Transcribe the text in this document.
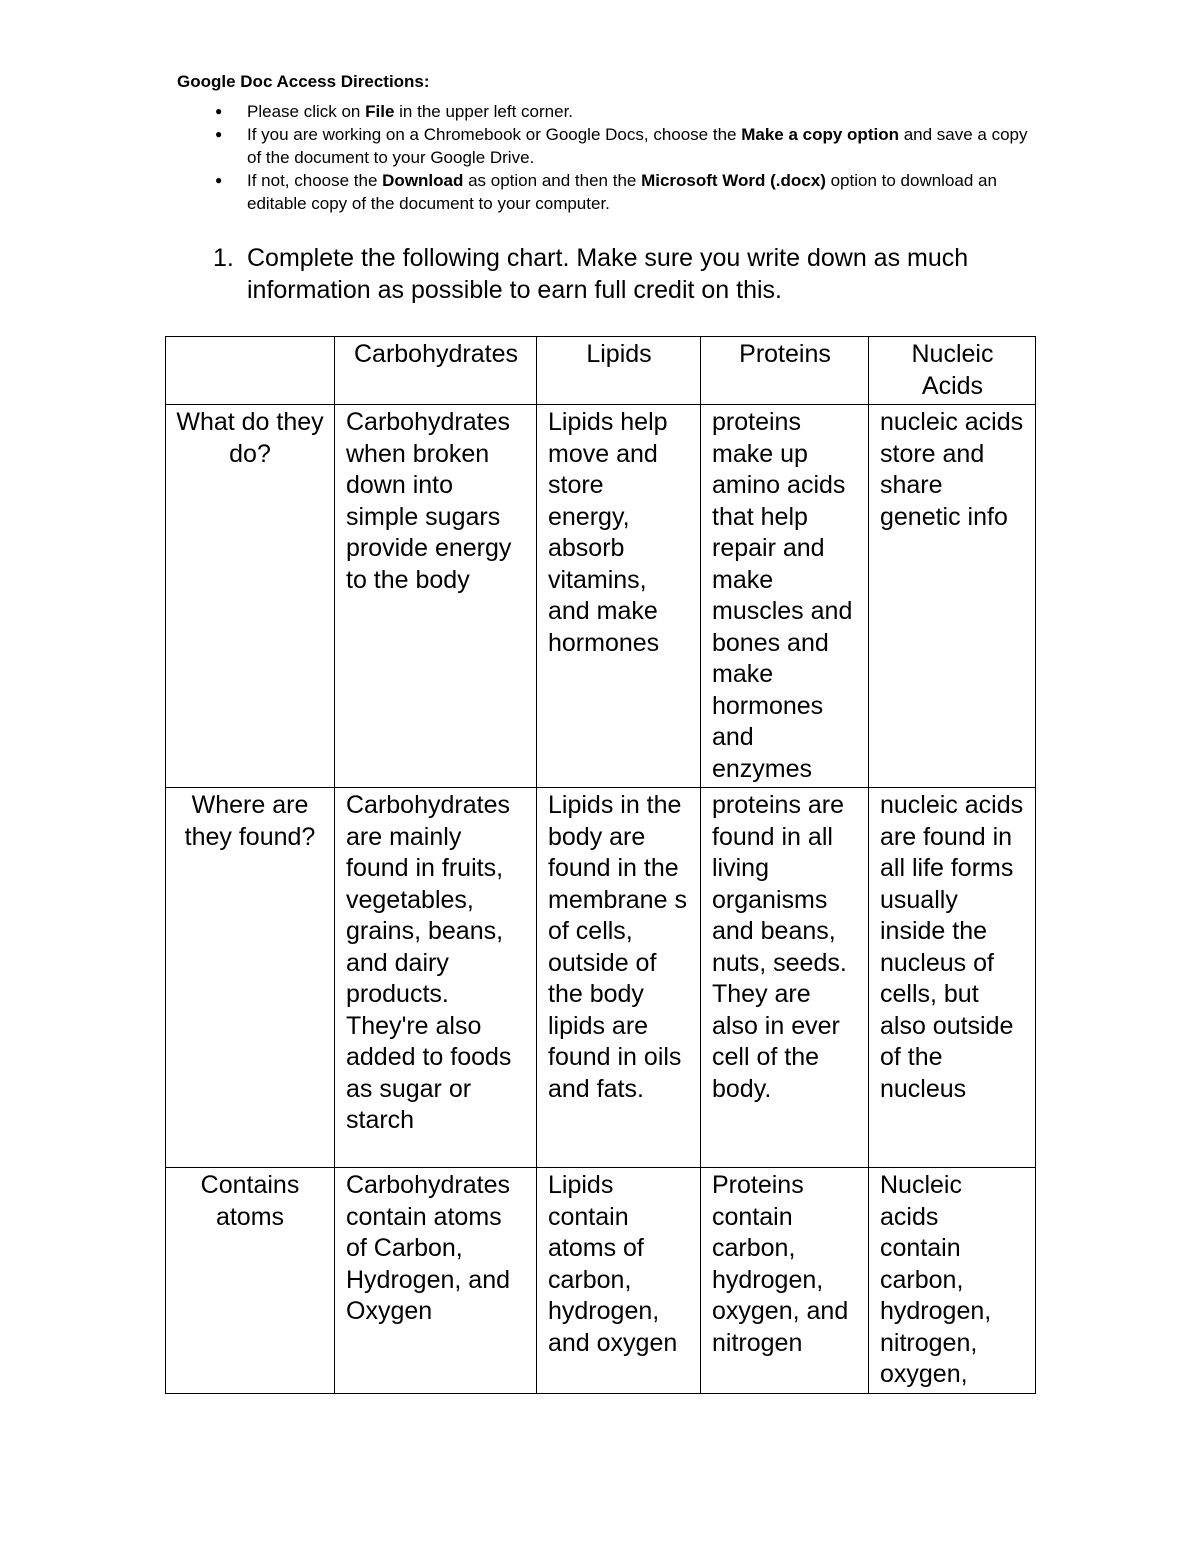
Google Doc Access Directions:
● Please click on File in the upper left corner.
● If you are working on a Chromebook or Google Docs, choose the Make a copy option and save a copy of the document to your Google Drive.
● If not, choose the Download as option and then the Microsoft Word (.docx) option to download an editable copy of the document to your computer.
1. Complete the following chart. Make sure you write down as much information as possible to earn full credit on this.
	Carbohydrates	Lipids	Proteins	Nucleic Acids
What do they do?	Carbohydrates when broken down into simple sugars provide energy to the body	Lipids help move and store energy, absorb vitamins, and make hormones	proteins make up amino acids that help repair and make muscles and bones and make hormones and enzymes	nucleic acids store and share genetic info
Where are they found?	Carbohydrates are mainly found in fruits, vegetables, grains, beans, and dairy products. They're also added to foods as sugar or starch	Lipids in the body are found in the membrane s of cells, outside of the body lipids are found in oils and fats.	proteins are found in all living organisms and beans, nuts, seeds. They are also in ever cell of the body.	nucleic acids are found in all life forms usually inside the nucleus of cells, but also outside of the nucleus
Contains atoms	Carbohydrates contain atoms of Carbon, Hydrogen, and Oxygen	Lipids contain atoms of carbon, hydrogen, and oxygen	Proteins contain carbon, hydrogen, oxygen, and nitrogen	Nucleic acids contain carbon, hydrogen, nitrogen, oxygen,
